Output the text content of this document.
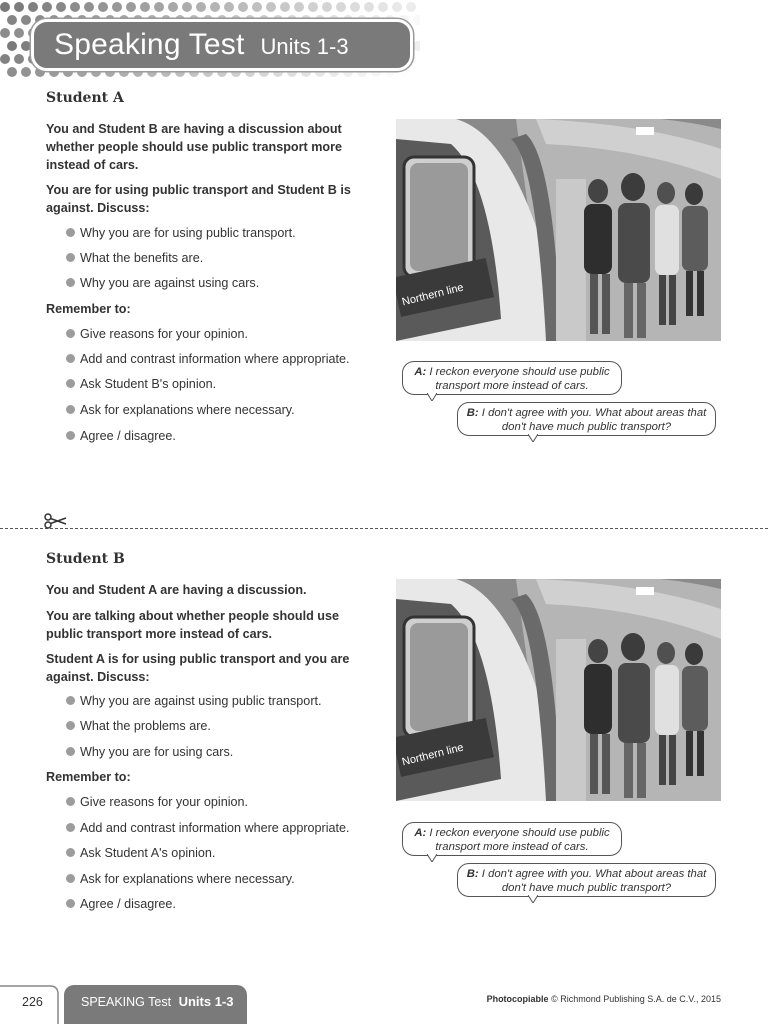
Speaking Test Units 1-3
Student A

You and Student B are having a discussion about whether people should use public transport more instead of cars.

You are for using public transport and Student B is against. Discuss:

Why you are for using public transport.
What the benefits are.
Why you are against using cars.

Remember to:

Give reasons for your opinion.
Add and contrast information where appropriate.
Ask Student B's opinion.
Ask for explanations where necessary.
Agree / disagree.
Northern line
A: I reckon everyone should use public transport more instead of cars.
B: I don't agree with you. What about areas that don't have much public transport?
Student B

You and Student A are having a discussion.

You are talking about whether people should use public transport more instead of cars.

Student A is for using public transport and you are against. Discuss:

Why you are against using public transport.
What the problems are.
Why you are for using cars.

Remember to:

Give reasons for your opinion.
Add and contrast information where appropriate.
Ask Student A's opinion.
Ask for explanations where necessary.
Agree / disagree.
Northern line
A: I reckon everyone should use public transport more instead of cars.
B: I don't agree with you. What about areas that don't have much public transport?
226	SPEAKING Test Units 1-3	Photocopiable © Richmond Publishing S.A. de C.V., 2015
